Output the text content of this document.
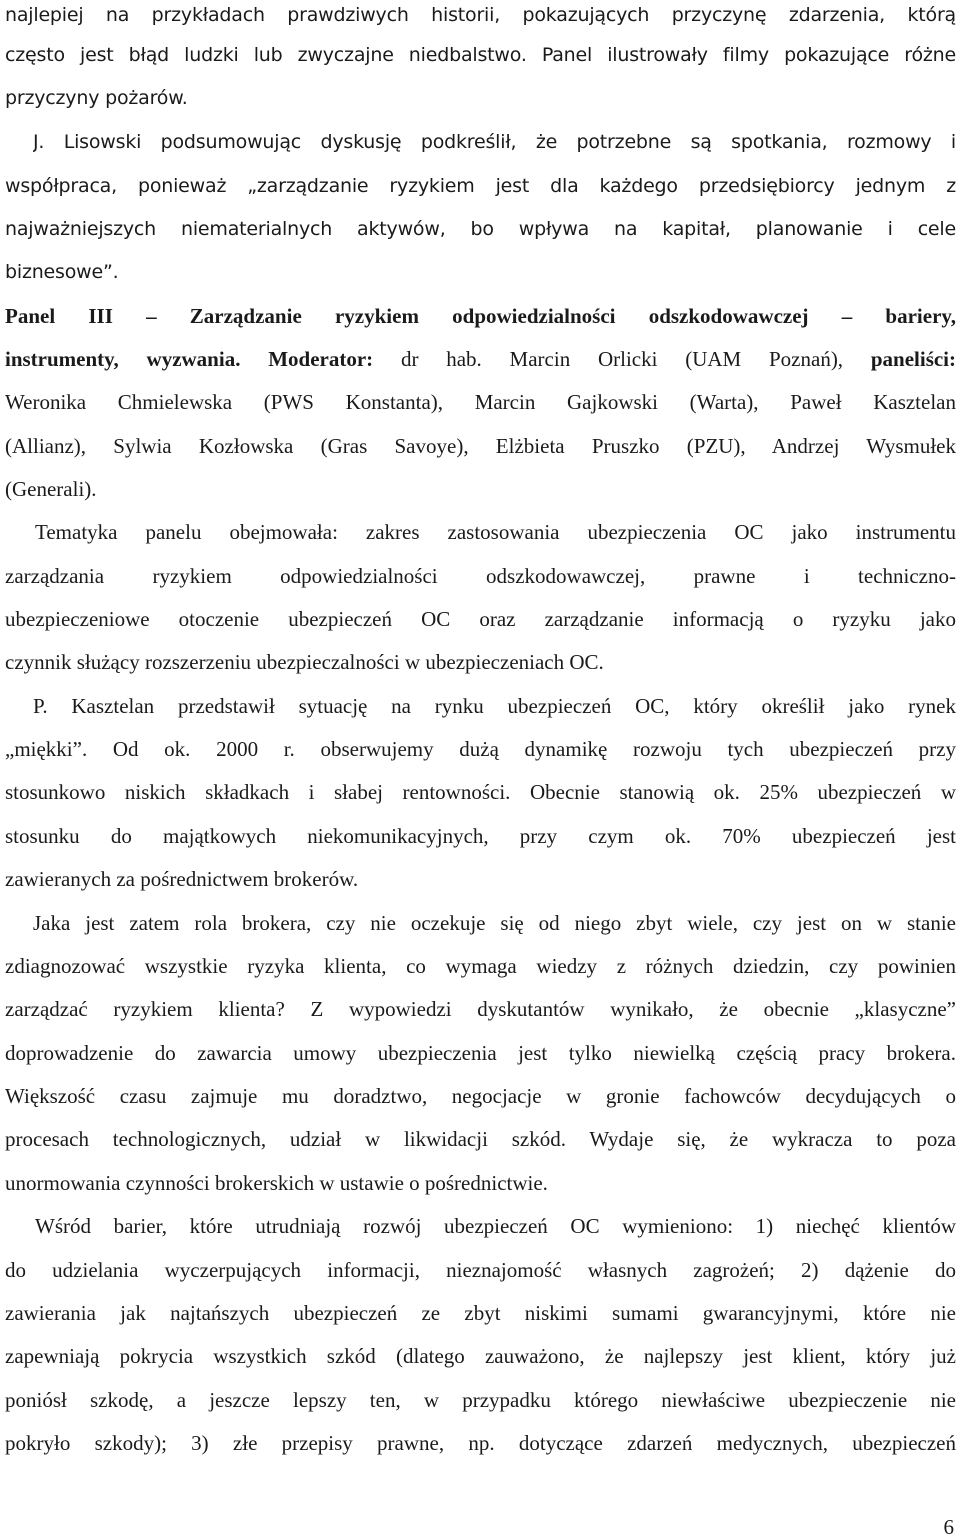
najlepiej na przykładach prawdziwych historii, pokazujących przyczynę zdarzenia, którą
często jest błąd ludzki lub zwyczajne niedbalstwo. Panel ilustrowały filmy pokazujące różne
przyczyny pożarów.
J. Lisowski podsumowując dyskusję podkreślił, że potrzebne są spotkania, rozmowy i
współpraca, ponieważ „zarządzanie ryzykiem jest dla każdego przedsiębiorcy jednym z
najważniejszych niematerialnych aktywów, bo wpływa na kapitał, planowanie i cele
biznesowe”.
Panel III – Zarządzanie ryzykiem odpowiedzialności odszkodowawczej – bariery,
instrumenty, wyzwania. Moderator: dr hab. Marcin Orlicki (UAM Poznań), paneliści:
Weronika Chmielewska (PWS Konstanta), Marcin Gajkowski (Warta), Paweł Kasztelan
(Allianz), Sylwia Kozłowska (Gras Savoye), Elżbieta Pruszko (PZU), Andrzej Wysmułek
(Generali).
Tematyka panelu obejmowała: zakres zastosowania ubezpieczenia OC jako instrumentu
zarządzania ryzykiem odpowiedzialności odszkodowawczej, prawne i techniczno-
ubezpieczeniowe otoczenie ubezpieczeń OC oraz zarządzanie informacją o ryzyku jako
czynnik służący rozszerzeniu ubezpieczalności w ubezpieczeniach OC.
P. Kasztelan przedstawił sytuację na rynku ubezpieczeń OC, który określił jako rynek
„miękki”. Od ok. 2000 r. obserwujemy dużą dynamikę rozwoju tych ubezpieczeń przy
stosunkowo niskich składkach i słabej rentowności. Obecnie stanowią ok. 25% ubezpieczeń w
stosunku do majątkowych niekomunikacyjnych, przy czym ok. 70% ubezpieczeń jest
zawieranych za pośrednictwem brokerów.
Jaka jest zatem rola brokera, czy nie oczekuje się od niego zbyt wiele, czy jest on w stanie
zdiagnozować wszystkie ryzyka klienta, co wymaga wiedzy z różnych dziedzin, czy powinien
zarządzać ryzykiem klienta? Z wypowiedzi dyskutantów wynikało, że obecnie „klasyczne”
doprowadzenie do zawarcia umowy ubezpieczenia jest tylko niewielką częścią pracy brokera.
Większość czasu zajmuje mu doradztwo, negocjacje w gronie fachowców decydujących o
procesach technologicznych, udział w likwidacji szkód. Wydaje się, że wykracza to poza
unormowania czynności brokerskich w ustawie o pośrednictwie.
Wśród barier, które utrudniają rozwój ubezpieczeń OC wymieniono: 1) niechęć klientów
do udzielania wyczerpujących informacji, nieznajomość własnych zagrożeń; 2) dążenie do
zawierania jak najtańszych ubezpieczeń ze zbyt niskimi sumami gwarancyjnymi, które nie
zapewniają pokrycia wszystkich szkód (dlatego zauważono, że najlepszy jest klient, który już
poniósł szkodę, a jeszcze lepszy ten, w przypadku którego niewłaściwe ubezpieczenie nie
pokryło szkody); 3) złe przepisy prawne, np. dotyczące zdarzeń medycznych, ubezpieczeń
6
